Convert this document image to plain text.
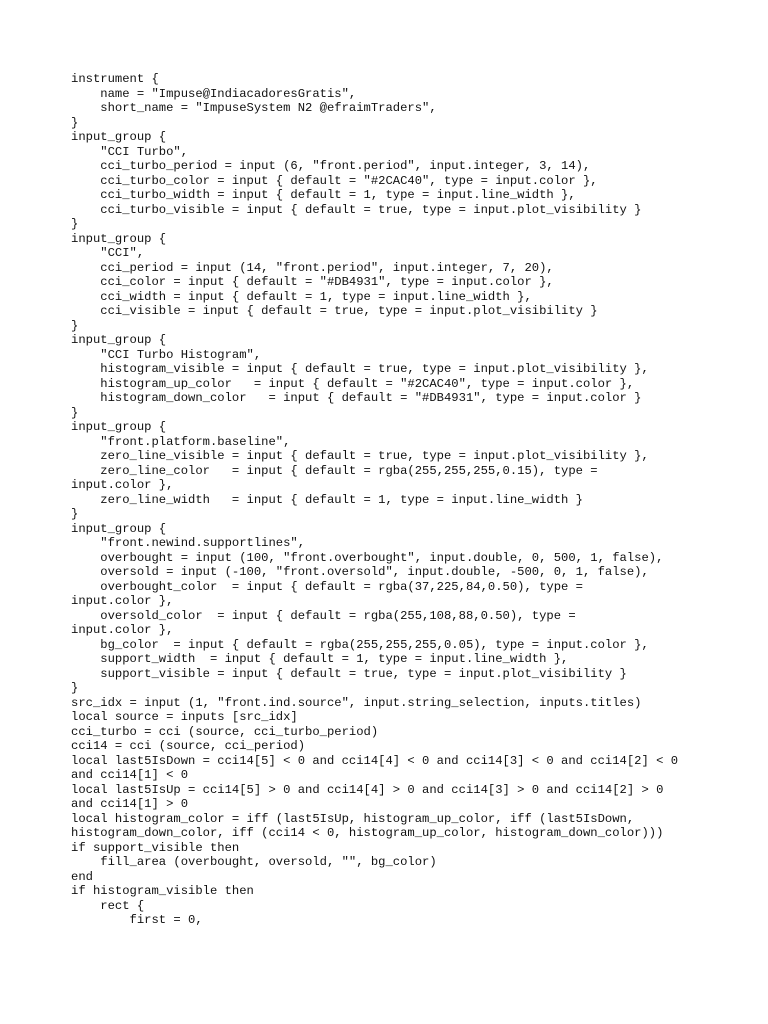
instrument {
name = "Impuse@IndiacadoresGratis",
short_name = "ImpuseSystem N2 @efraimTraders",
}
input_group {
"CCI Turbo",
cci_turbo_period = input (6, "front.period", input.integer, 3, 14),
cci_turbo_color = input { default = "#2CAC40", type = input.color },
cci_turbo_width = input { default = 1, type = input.line_width },
cci_turbo_visible = input { default = true, type = input.plot_visibility }
}
input_group {
"CCI",
cci_period = input (14, "front.period", input.integer, 7, 20),
cci_color = input { default = "#DB4931", type = input.color },
cci_width = input { default = 1, type = input.line_width },
cci_visible = input { default = true, type = input.plot_visibility }
}
input_group {
"CCI Turbo Histogram",
histogram_visible = input { default = true, type = input.plot_visibility },
histogram_up_color   = input { default = "#2CAC40", type = input.color },
histogram_down_color   = input { default = "#DB4931", type = input.color }
}
input_group {
"front.platform.baseline",
zero_line_visible = input { default = true, type = input.plot_visibility },
zero_line_color   = input { default = rgba(255,255,255,0.15), type =
input.color },
zero_line_width   = input { default = 1, type = input.line_width }
}
input_group {
"front.newind.supportlines",
overbought = input (100, "front.overbought", input.double, 0, 500, 1, false),
oversold = input (-100, "front.oversold", input.double, -500, 0, 1, false),
overbought_color  = input { default = rgba(37,225,84,0.50), type =
input.color },
oversold_color  = input { default = rgba(255,108,88,0.50), type =
input.color },
bg_color  = input { default = rgba(255,255,255,0.05), type = input.color },
support_width  = input { default = 1, type = input.line_width },
support_visible = input { default = true, type = input.plot_visibility }
}
src_idx = input (1, "front.ind.source", input.string_selection, inputs.titles)
local source = inputs [src_idx]
cci_turbo = cci (source, cci_turbo_period)
cci14 = cci (source, cci_period)
local last5IsDown = cci14[5] < 0 and cci14[4] < 0 and cci14[3] < 0 and cci14[2] < 0
and cci14[1] < 0
local last5IsUp = cci14[5] > 0 and cci14[4] > 0 and cci14[3] > 0 and cci14[2] > 0
and cci14[1] > 0
local histogram_color = iff (last5IsUp, histogram_up_color, iff (last5IsDown,
histogram_down_color, iff (cci14 < 0, histogram_up_color, histogram_down_color)))
if support_visible then
fill_area (overbought, oversold, "", bg_color)
end
if histogram_visible then
rect {
first = 0,
